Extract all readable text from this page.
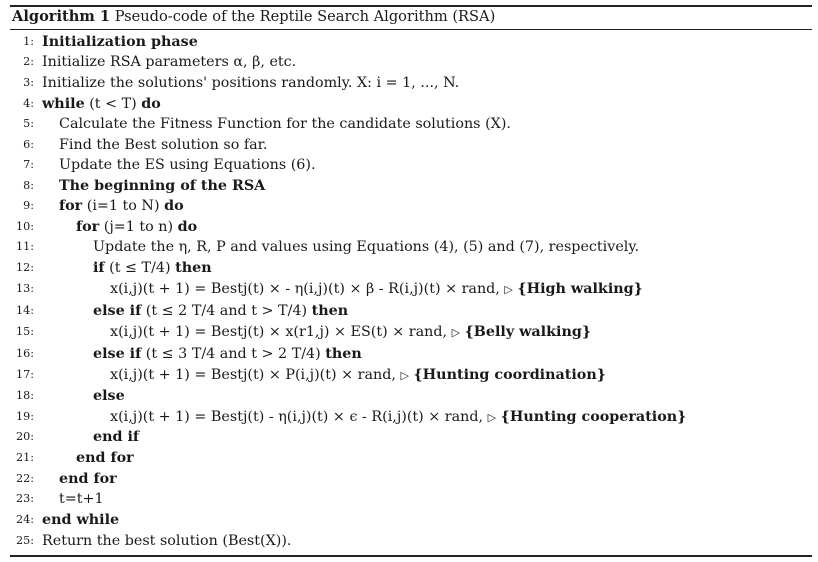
Algorithm 1 Pseudo-code of the Reptile Search Algorithm (RSA)
1: Initialization phase
2: Initialize RSA parameters α, β, etc.
3: Initialize the solutions' positions randomly. X: i = 1, ..., N.
4: while (t < T) do
5: Calculate the Fitness Function for the candidate solutions (X).
6: Find the Best solution so far.
7: Update the ES using Equations (6).
8: The beginning of the RSA
9: for (i=1 to N) do
10:	for (j=1 to n) do
11:	Update the η, R, P and values using Equations (4), (5) and (7), respectively.
12:	if (t ≤ T/4) then
13:	x(i,j)(t + 1) = Bestj(t) × - η(i,j)(t) × β - R(i,j)(t) × rand, ▷ {High walking}
14:	else if (t ≤ 2 T/4 and t > T/4) then
15:	x(i,j)(t + 1) = Bestj(t) × x(r1,j) × ES(t) × rand, ▷ {Belly walking}
16:	else if (t ≤ 3 T/4 and t > 2 T/4) then
17:	x(i,j)(t + 1) = Bestj(t) × P(i,j)(t) × rand, ▷ {Hunting coordination}
18:	else
19:	x(i,j)(t + 1) = Bestj(t) - η(i,j)(t) × ϵ - R(i,j)(t) × rand, ▷ {Hunting cooperation}
20:	end if
21:	end for
22: end for
23: t=t+1
24: end while
25: Return the best solution (Best(X)).
